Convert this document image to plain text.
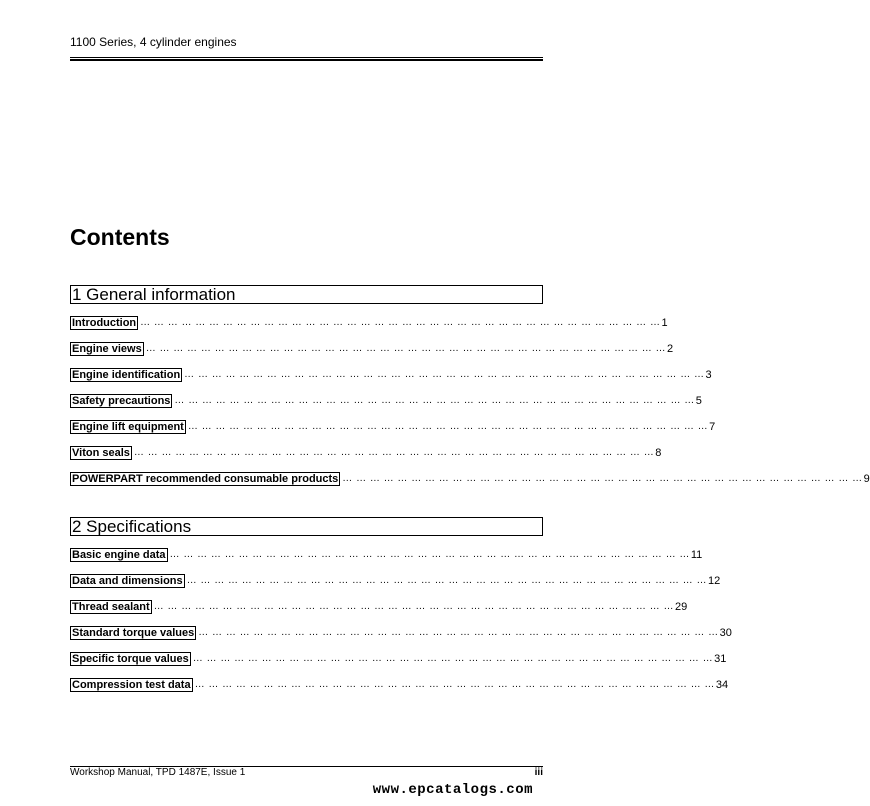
1100 Series, 4 cylinder engines
Contents
1 General information
Introduction … … … … … … … … … … … … … … … … … … … … … … … … … … … … … … … … … … … … … … 1
Engine views … … … … … … … … … … … … … … … … … … … … … … … … … … … … … … … … … … … … … … 2
Engine identification … … … … … … … … … … … … … … … … … … … … … … … … … … … … … … … … … … … … … … 3
Safety precautions … … … … … … … … … … … … … … … … … … … … … … … … … … … … … … … … … … … … … … 5
Engine lift equipment … … … … … … … … … … … … … … … … … … … … … … … … … … … … … … … … … … … … … … 7
Viton seals … … … … … … … … … … … … … … … … … … … … … … … … … … … … … … … … … … … … … … 8
POWERPART recommended consumable products … … … … … … … … … … … … … … … … … … … … … … … … … … … … … … … … … … … … … … 9
2 Specifications
Basic engine data … … … … … … … … … … … … … … … … … … … … … … … … … … … … … … … … … … … … … … 11
Data and dimensions … … … … … … … … … … … … … … … … … … … … … … … … … … … … … … … … … … … … … … 12
Thread sealant … … … … … … … … … … … … … … … … … … … … … … … … … … … … … … … … … … … … … … 29
Standard torque values … … … … … … … … … … … … … … … … … … … … … … … … … … … … … … … … … … … … … … 30
Specific torque values … … … … … … … … … … … … … … … … … … … … … … … … … … … … … … … … … … … … … … 31
Compression test data … … … … … … … … … … … … … … … … … … … … … … … … … … … … … … … … … … … … … … 34
Workshop Manual, TPD 1487E, Issue 1	iii
www.epcatalogs.com
